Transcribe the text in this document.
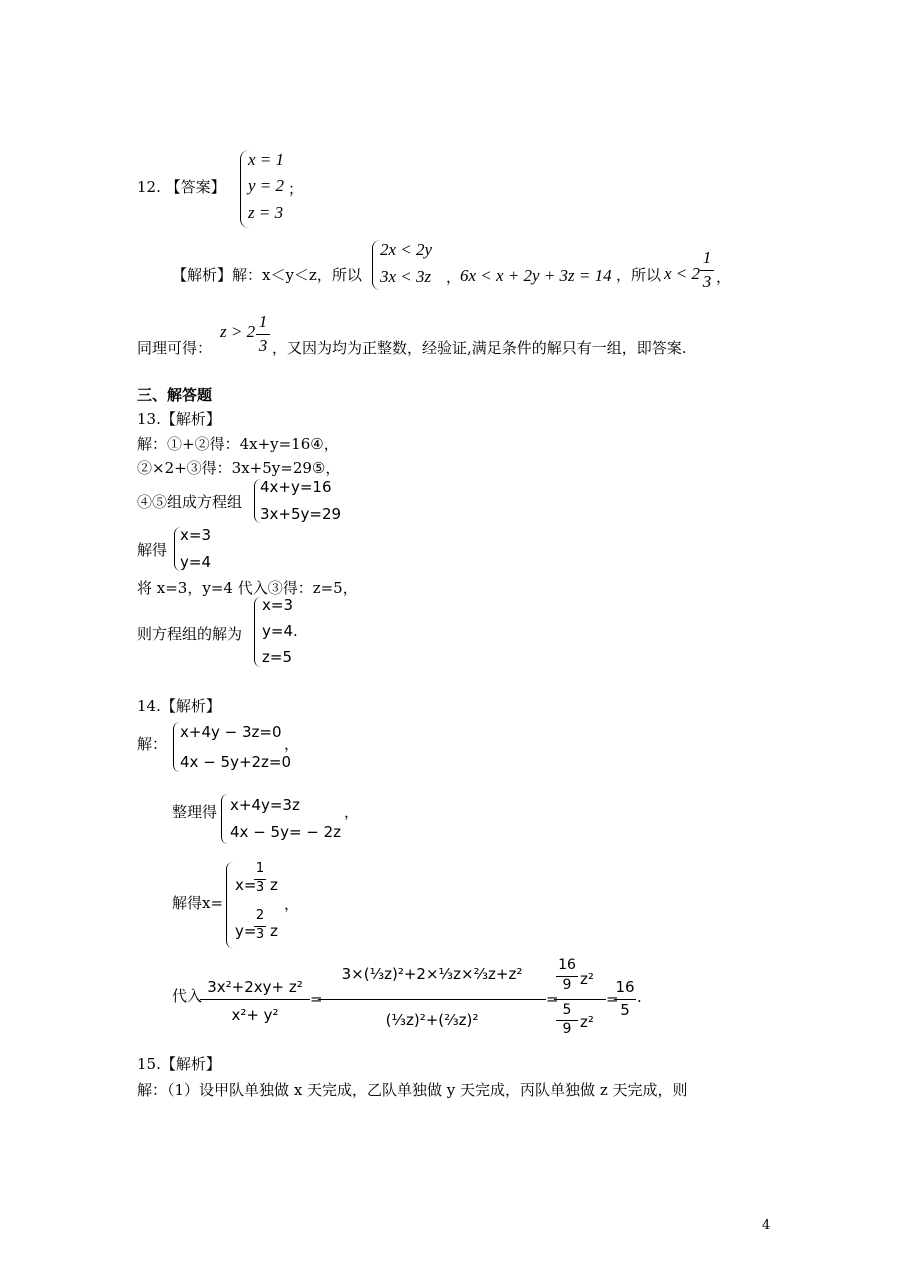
12. 【答案】
x = 1
y = 2 ；
z = 3
【解析】解：x＜y＜z，所以
2x < 2y
3x < 3z ，
6x < x + 2y + 3z = 14 ，所以 x < 2
1
3 ，
同理可得：
z > 2
1
3 ，又因为均为正整数，经验证,满足条件的解只有一组，即答案.
三、解答题
13.【解析】
解：①+②得：4x+y=16④，
②×2+③得：3x+5y=29⑤，
④⑤组成方程组
4x+y=16
3x+5y=29
解得
x=3
y=4
将 x=3，y=4 代入③得：z=5，
则方程组的解为
x=3
y=4.
z=5
14.【解析】
解：
x+4y − 3z=0
，
4x − 5y+2z=0
整理得 x+4y=3z	，
4x − 5y= − 2z
解得x=
x=
1
3 z
，
y=
2
3 z
代入 3x²+2xy+ z²
x²+ y²
=
3×(⅓z)²+2×⅓z×⅔z+z²
(⅓z)²+(⅔z)²
=
16
9 z²
5
9 z²
=
16
5
.
15.【解析】
解：（1）设甲队单独做 x 天完成，乙队单独做 y 天完成，丙队单独做 z 天完成，则
4
